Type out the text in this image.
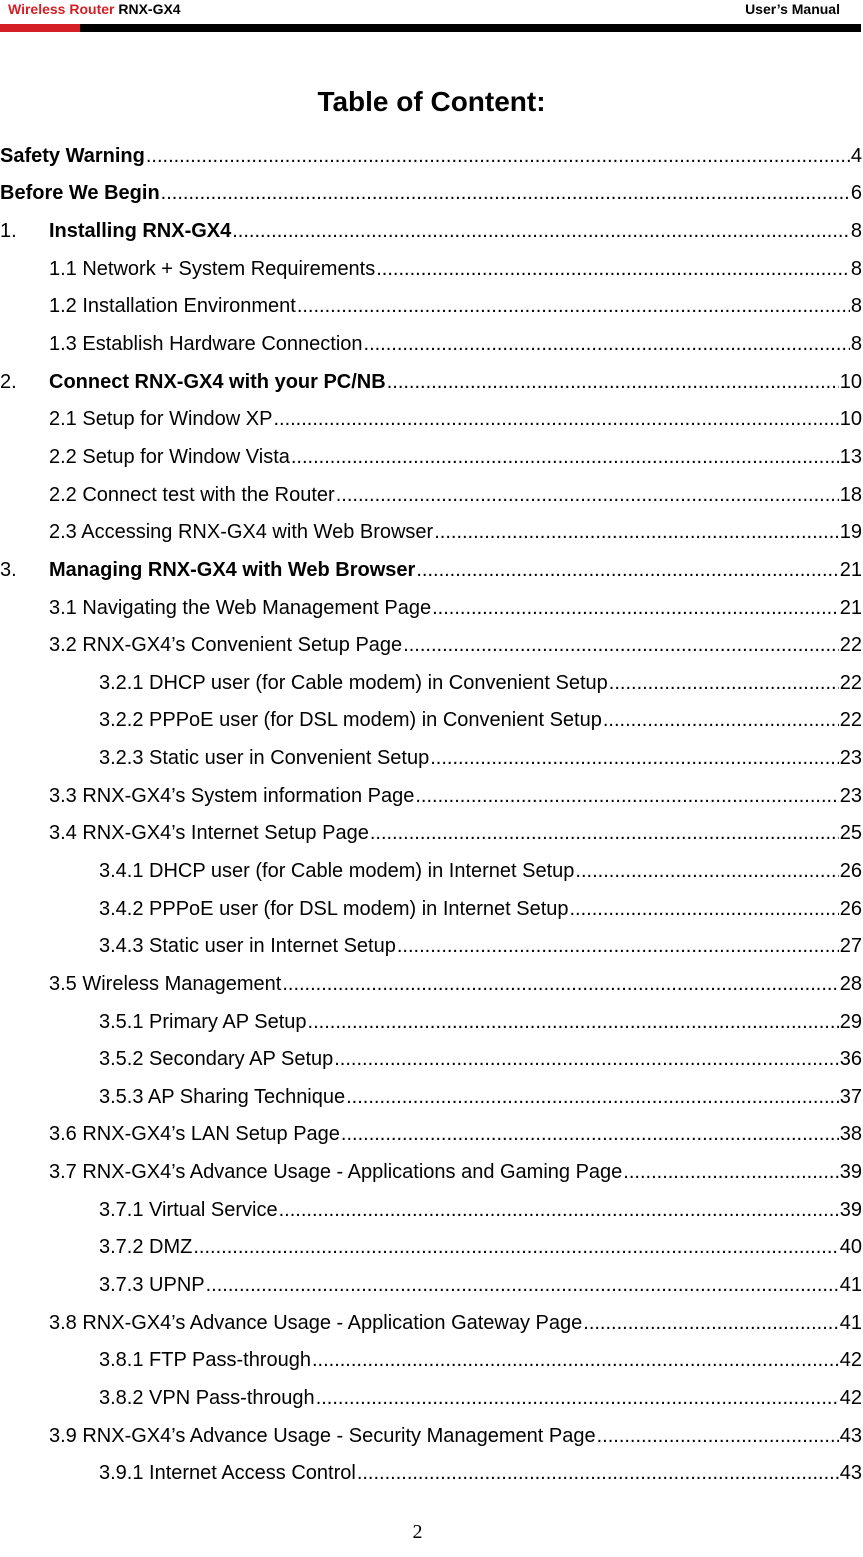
Wireless Router RNX-GX4	User’s Manual
Table of Content:
Safety Warning .....	4
Before We Begin .....	6
1. Installing RNX-GX4 .....	8
1.1 Network + System Requirements .....	8
1.2 Installation Environment .....	8
1.3 Establish Hardware Connection .....	8
2. Connect RNX-GX4 with your PC/NB .....	10
2.1 Setup for Window XP .....	10
2.2 Setup for Window Vista .....	13
2.2 Connect test with the Router .....	18
2.3 Accessing RNX-GX4 with Web Browser .....	19
3. Managing RNX-GX4 with Web Browser .....	21
3.1 Navigating the Web Management Page .....	21
3.2 RNX-GX4’s Convenient Setup Page .....	22
3.2.1 DHCP user (for Cable modem) in Convenient Setup .....	22
3.2.2 PPPoE user (for DSL modem) in Convenient Setup .....	22
3.2.3 Static user in Convenient Setup .....	23
3.3 RNX-GX4’s System information Page .....	23
3.4 RNX-GX4’s Internet Setup Page .....	25
3.4.1 DHCP user (for Cable modem) in Internet Setup .....	26
3.4.2 PPPoE user (for DSL modem) in Internet Setup .....	26
3.4.3 Static user in Internet Setup .....	27
3.5 Wireless Management .....	28
3.5.1 Primary AP Setup .....	29
3.5.2 Secondary AP Setup .....	36
3.5.3 AP Sharing Technique .....	37
3.6 RNX-GX4’s LAN Setup Page .....	38
3.7 RNX-GX4’s Advance Usage - Applications and Gaming Page .....	39
3.7.1 Virtual Service .....	39
3.7.2 DMZ .....	40
3.7.3 UPNP .....	41
3.8 RNX-GX4’s Advance Usage - Application Gateway Page .....	41
3.8.1 FTP Pass-through .....	42
3.8.2 VPN Pass-through .....	42
3.9 RNX-GX4’s Advance Usage - Security Management Page .....	43
3.9.1 Internet Access Control .....	43
2
